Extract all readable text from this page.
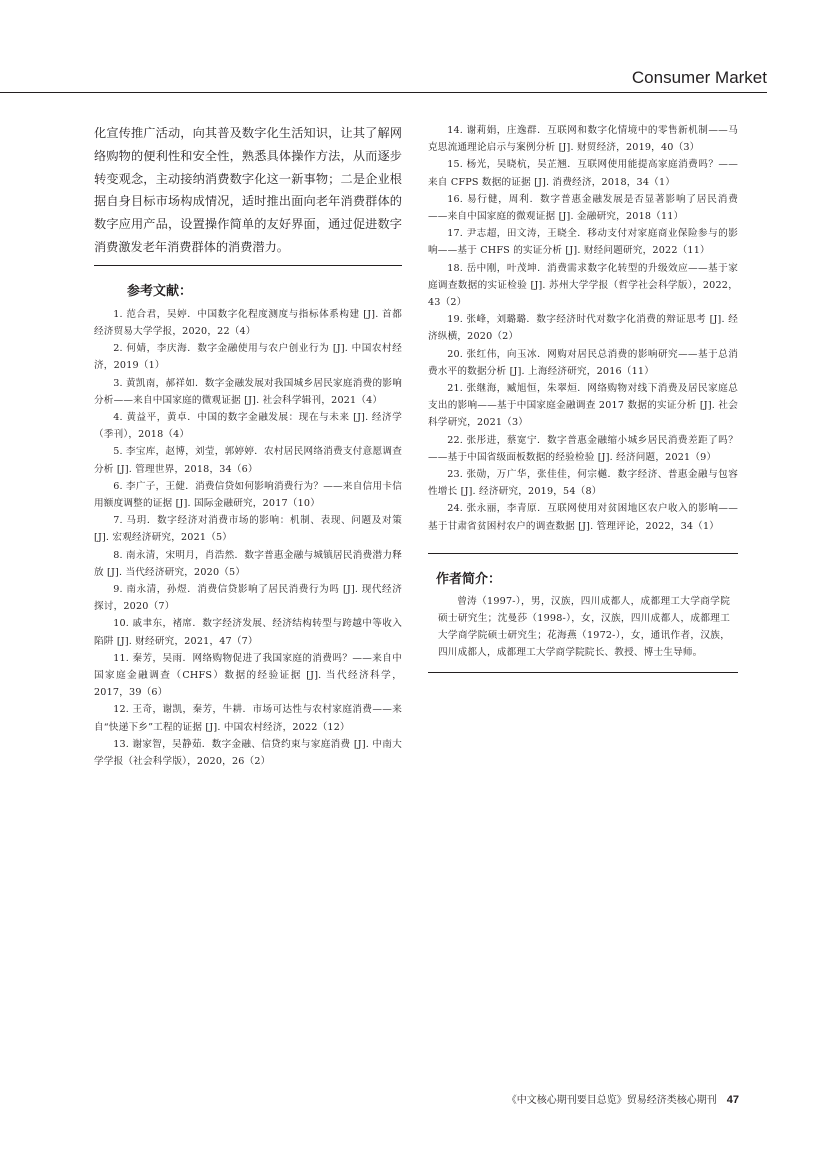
Consumer Market

化宣传推广活动，向其普及数字化生活知识，让其了解网络购物的便利性和安全性，熟悉具体操作方法，从而逐步转变观念，主动接纳消费数字化这一新事物；二是企业根据自身目标市场构成情况，适时推出面向老年消费群体的数字应用产品，设置操作简单的友好界面，通过促进数字消费激发老年消费群体的消费潜力。

参考文献：
1. 范合君，吴婷．中国数字化程度测度与指标体系构建 [J]. 首都经济贸易大学学报，2020，22（4）
2. 何婧，李庆海．数字金融使用与农户创业行为 [J]. 中国农村经济，2019（1）
3. 黄凯南，郝祥如．数字金融发展对我国城乡居民家庭消费的影响分析——来自中国家庭的微观证据 [J]. 社会科学辑刊，2021（4）
4. 黄益平，黄卓．中国的数字金融发展：现在与未来 [J]. 经济学（季刊），2018（4）
5. 李宝库，赵博，刘莹，郭婷婷．农村居民网络消费支付意愿调查分析 [J]. 管理世界，2018，34（6）
6. 李广子，王健．消费信贷如何影响消费行为？——来自信用卡信用额度调整的证据 [J]. 国际金融研究，2017（10）
7. 马玥．数字经济对消费市场的影响：机制、表现、问题及对策 [J]. 宏观经济研究，2021（5）
8. 南永清，宋明月，肖浩然．数字普惠金融与城镇居民消费潜力释放 [J]. 当代经济研究，2020（5）
9. 南永清，孙煜．消费信贷影响了居民消费行为吗 [J]. 现代经济探讨，2020（7）
10. 戚聿东，褚席．数字经济发展、经济结构转型与跨越中等收入陷阱 [J]. 财经研究，2021，47（7）
11. 秦芳，吴雨．网络购物促进了我国家庭的消费吗？——来自中国家庭金融调查（CHFS）数据的经验证据 [J]. 当代经济科学，2017，39（6）
12. 王奇，谢凯，秦芳，牛耕．市场可达性与农村家庭消费——来自“快递下乡”工程的证据 [J]. 中国农村经济，2022（12）
13. 谢家智，吴静茹．数字金融、信贷约束与家庭消费 [J]. 中南大学学报（社会科学版），2020，26（2）
14. 谢莉娟，庄逸群．互联网和数字化情境中的零售新机制——马克思流通理论启示与案例分析 [J]. 财贸经济，2019，40（3）
15. 杨光，吴晓杭，吴芷翘．互联网使用能提高家庭消费吗？——来自 CFPS 数据的证据 [J]. 消费经济，2018，34（1）
16. 易行健，周利．数字普惠金融发展是否显著影响了居民消费——来自中国家庭的微观证据 [J]. 金融研究，2018（11）
17. 尹志超，田文涛，王晓全．移动支付对家庭商业保险参与的影响——基于 CHFS 的实证分析 [J]. 财经问题研究，2022（11）
18. 岳中刚，叶茂坤．消费需求数字化转型的升级效应——基于家庭调查数据的实证检验 [J]. 苏州大学学报（哲学社会科学版），2022，43（2）
19. 张峰，刘璐璐．数字经济时代对数字化消费的辩证思考 [J]. 经济纵横，2020（2）
20. 张红伟，向玉冰．网购对居民总消费的影响研究——基于总消费水平的数据分析 [J]. 上海经济研究，2016（11）
21. 张继海，臧旭恒，朱翠烜．网络购物对线下消费及居民家庭总支出的影响——基于中国家庭金融调查 2017 数据的实证分析 [J]. 社会科学研究，2021（3）
22. 张彤进，蔡宽宁．数字普惠金融缩小城乡居民消费差距了吗？——基于中国省级面板数据的经验检验 [J]. 经济问题，2021（9）
23. 张勋，万广华，张佳佳，何宗樾．数字经济、普惠金融与包容性增长 [J]. 经济研究，2019，54（8）
24. 张永丽，李青原．互联网使用对贫困地区农户收入的影响——基于甘肃省贫困村农户的调查数据 [J]. 管理评论，2022，34（1）
作者简介：

曾涛（1997-），男，汉族，四川成都人，成都理工大学商学院硕士研究生；沈曼莎（1998-），女，汉族，四川成都人，成都理工大学商学院硕士研究生；花海燕（1972-），女，通讯作者，汉族，四川成都人，成都理工大学商学院院长、教授、博士生导师。

《中文核心期刊要目总览》贸易经济类核心期刊 47
